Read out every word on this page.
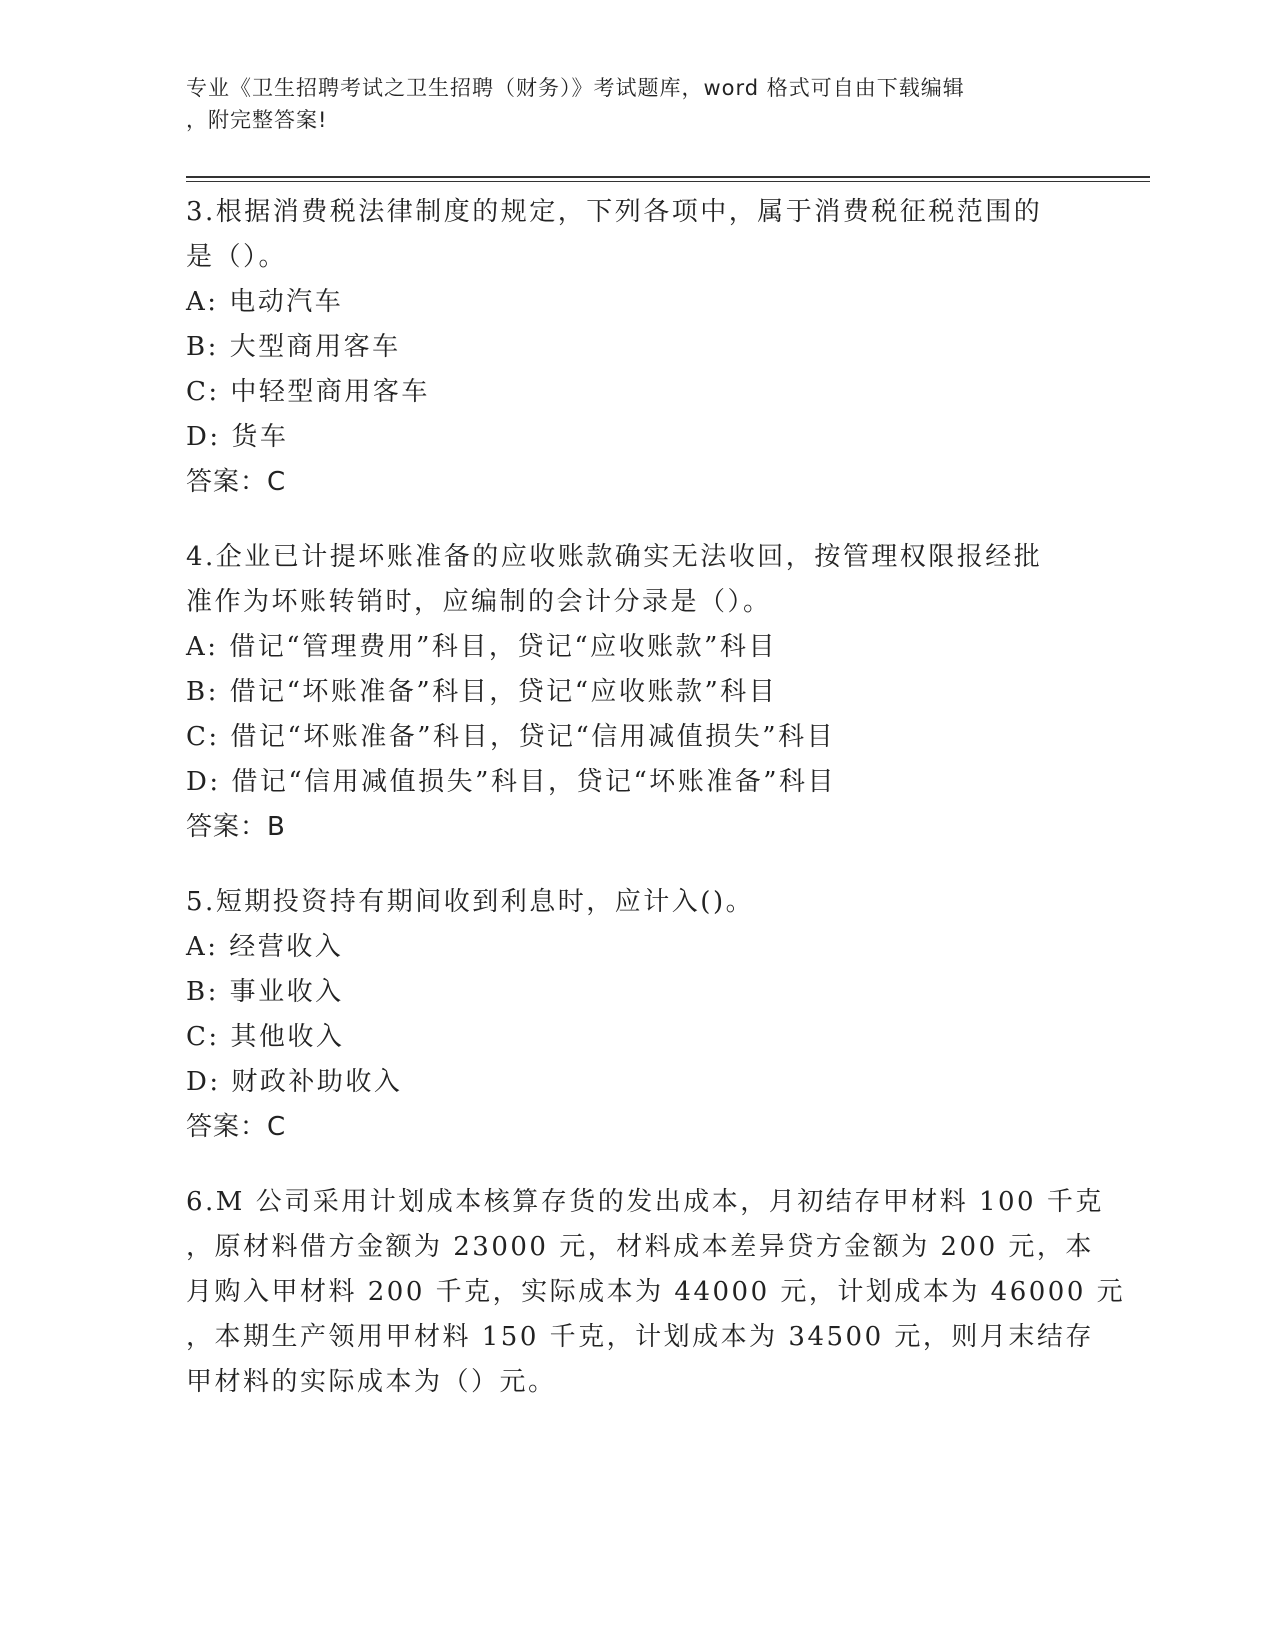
专业《卫生招聘考试之卫生招聘（财务）》考试题库，word 格式可自由下载编辑
，附完整答案!
3.根据消费税法律制度的规定，下列各项中，属于消费税征税范围的
是（）。
A: 电动汽车
B: 大型商用客车
C: 中轻型商用客车
D: 货车
答案：C
4.企业已计提坏账准备的应收账款确实无法收回，按管理权限报经批
准作为坏账转销时，应编制的会计分录是（）。
A: 借记“管理费用”科目，贷记“应收账款”科目
B: 借记“坏账准备”科目，贷记“应收账款”科目
C: 借记“坏账准备”科目，贷记“信用减值损失”科目
D: 借记“信用减值损失”科目，贷记“坏账准备”科目
答案：B
5.短期投资持有期间收到利息时，应计入()。
A: 经营收入
B: 事业收入
C: 其他收入
D: 财政补助收入
答案：C
6.M 公司采用计划成本核算存货的发出成本，月初结存甲材料 100 千克
，原材料借方金额为 23000 元，材料成本差异贷方金额为 200 元，本
月购入甲材料 200 千克，实际成本为 44000 元，计划成本为 46000 元
，本期生产领用甲材料 150 千克，计划成本为 34500 元，则月末结存
甲材料的实际成本为（）元。
